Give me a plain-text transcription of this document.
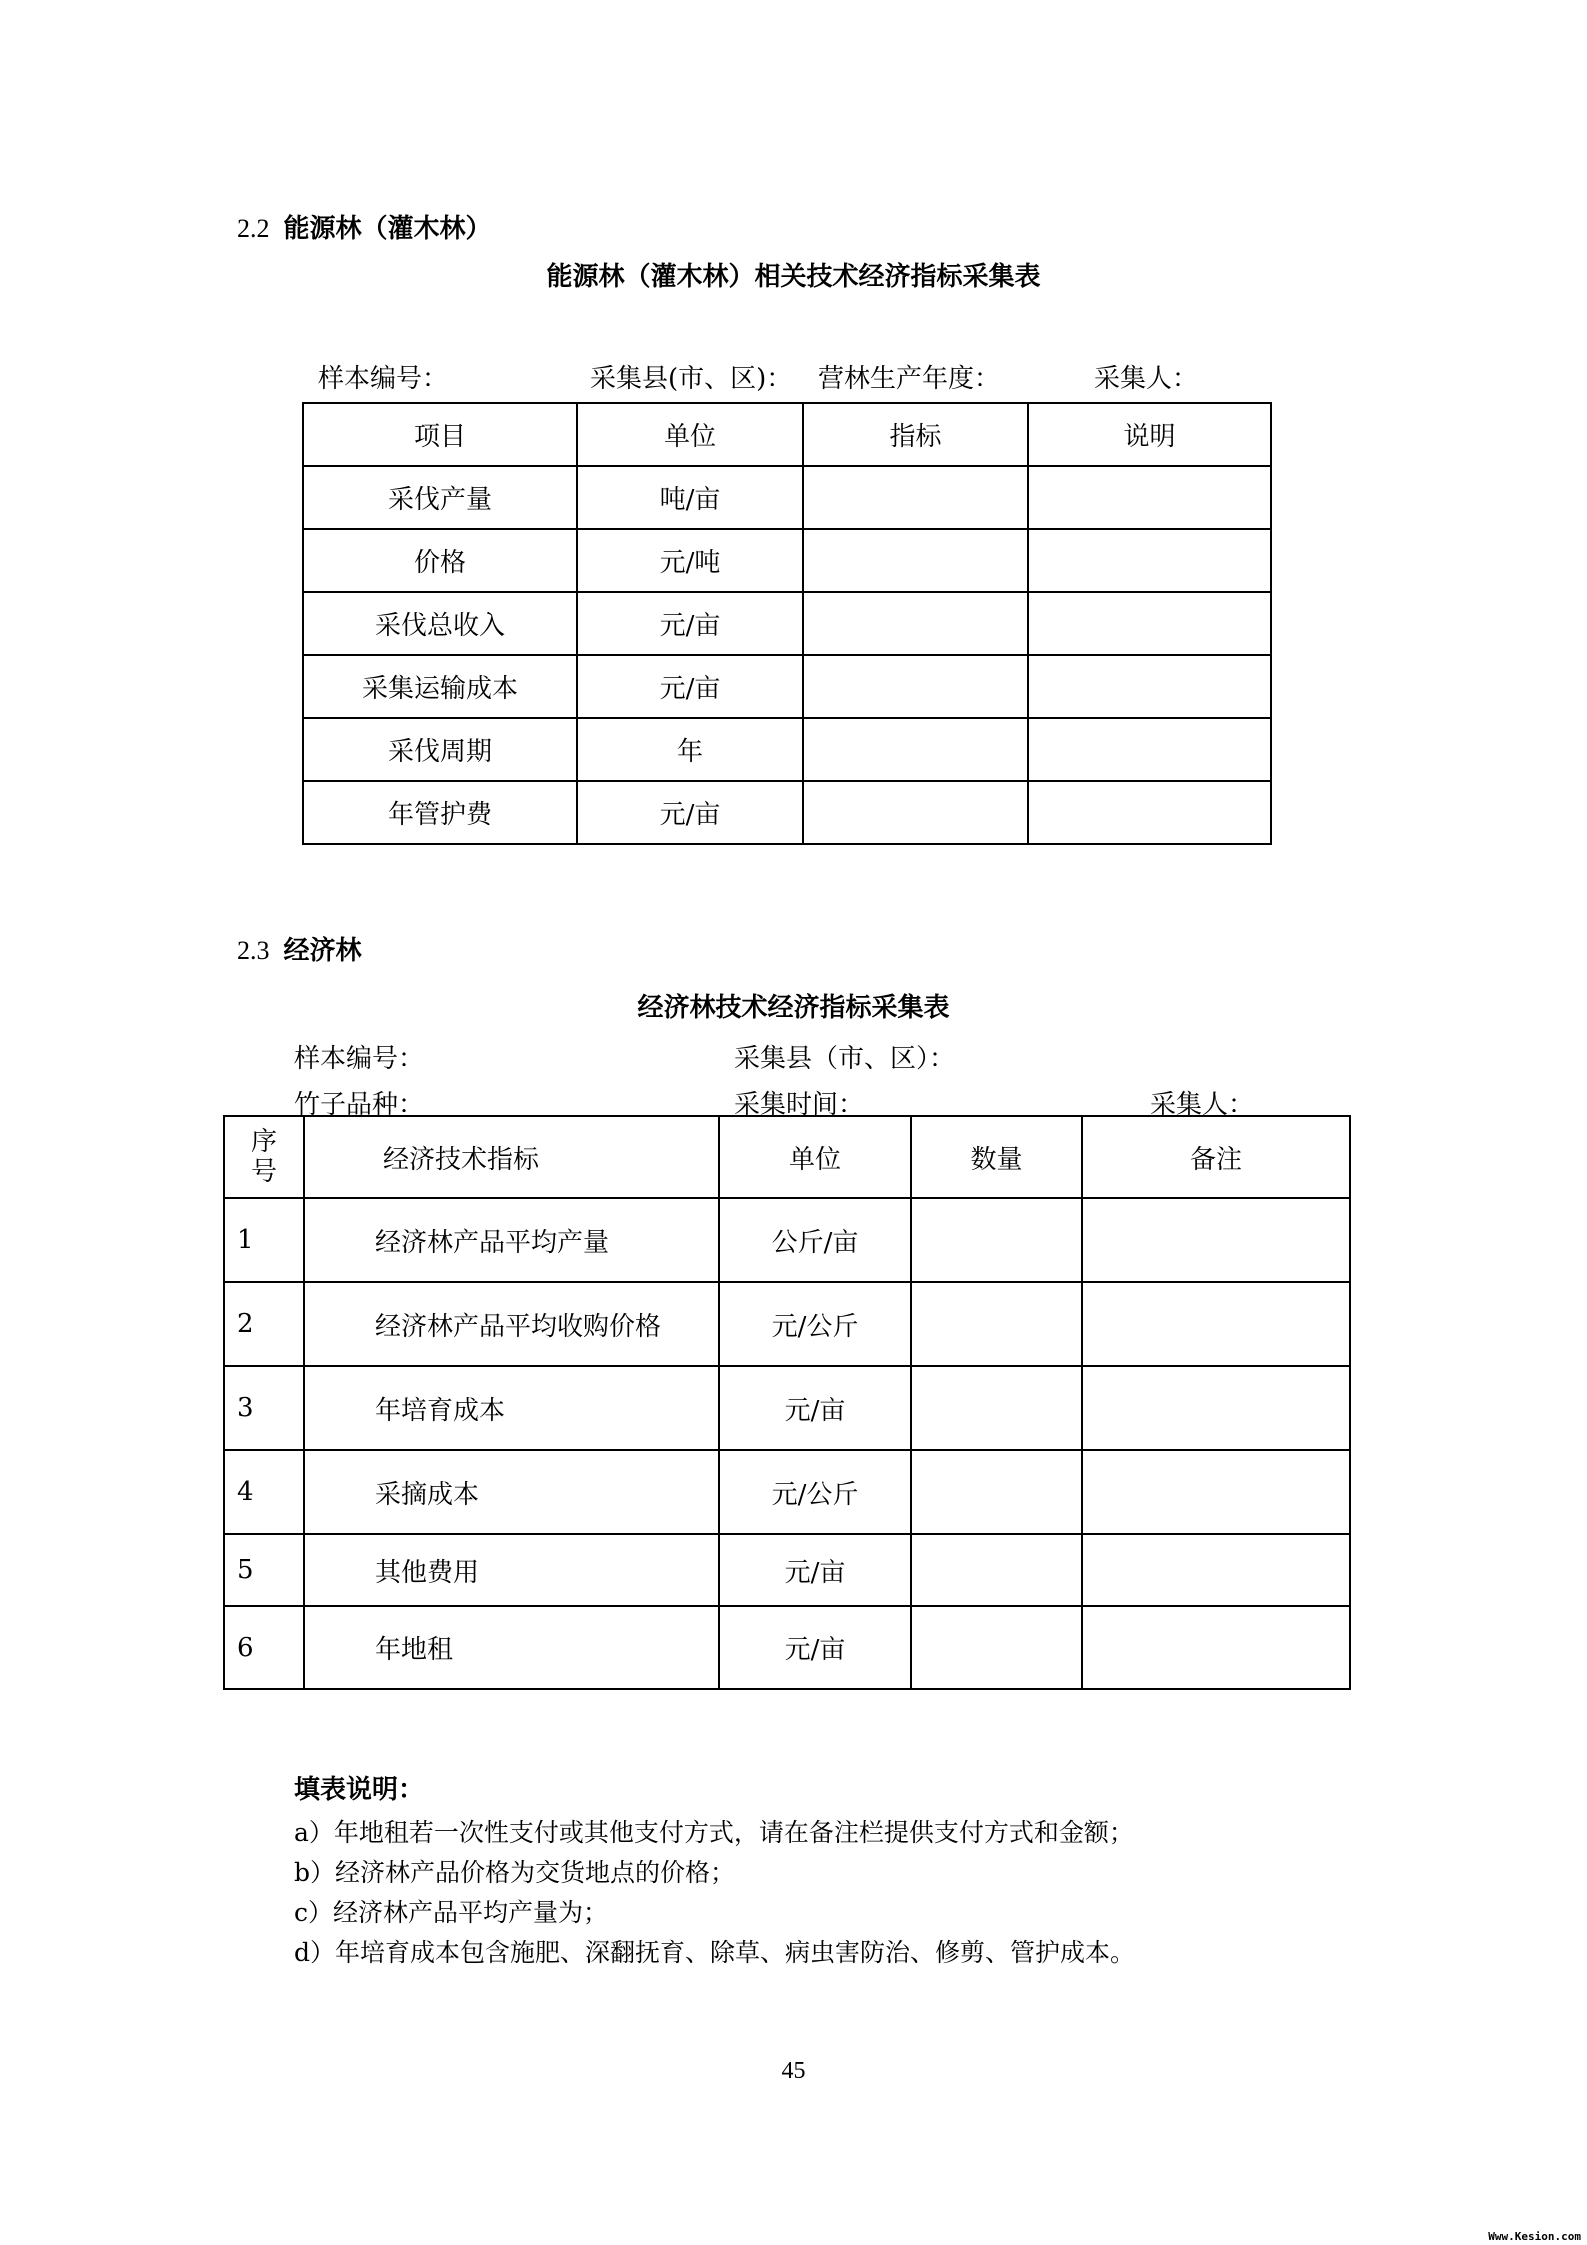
2.2 能源林（灌木林）
能源林（灌木林）相关技术经济指标采集表
样本编号：	采集县(市、区)： 营林生产年度：	采集人：
项目	单位	指标	说明
采伐产量	吨/亩		
价格	元/吨		
采伐总收入	元/亩		
采集运输成本	元/亩		
采伐周期	年		
年管护费	元/亩		
2.3 经济林
经济林技术经济指标采集表
样本编号：	采集县（市、区）：
竹子品种：	采集时间：	采集人：
序号	经济技术指标	单位	数量	备注
1	经济林产品平均产量	公斤/亩		
2	经济林产品平均收购价格	元/公斤		
3	年培育成本	元/亩		
4	采摘成本	元/公斤		
5	其他费用	元/亩		
6	年地租	元/亩		
填表说明：
a）年地租若一次性支付或其他支付方式，请在备注栏提供支付方式和金额；
b）经济林产品价格为交货地点的价格；
c）经济林产品平均产量为；
d）年培育成本包含施肥、深翻抚育、除草、病虫害防治、修剪、管护成本。
45
Www.Kesion.com
